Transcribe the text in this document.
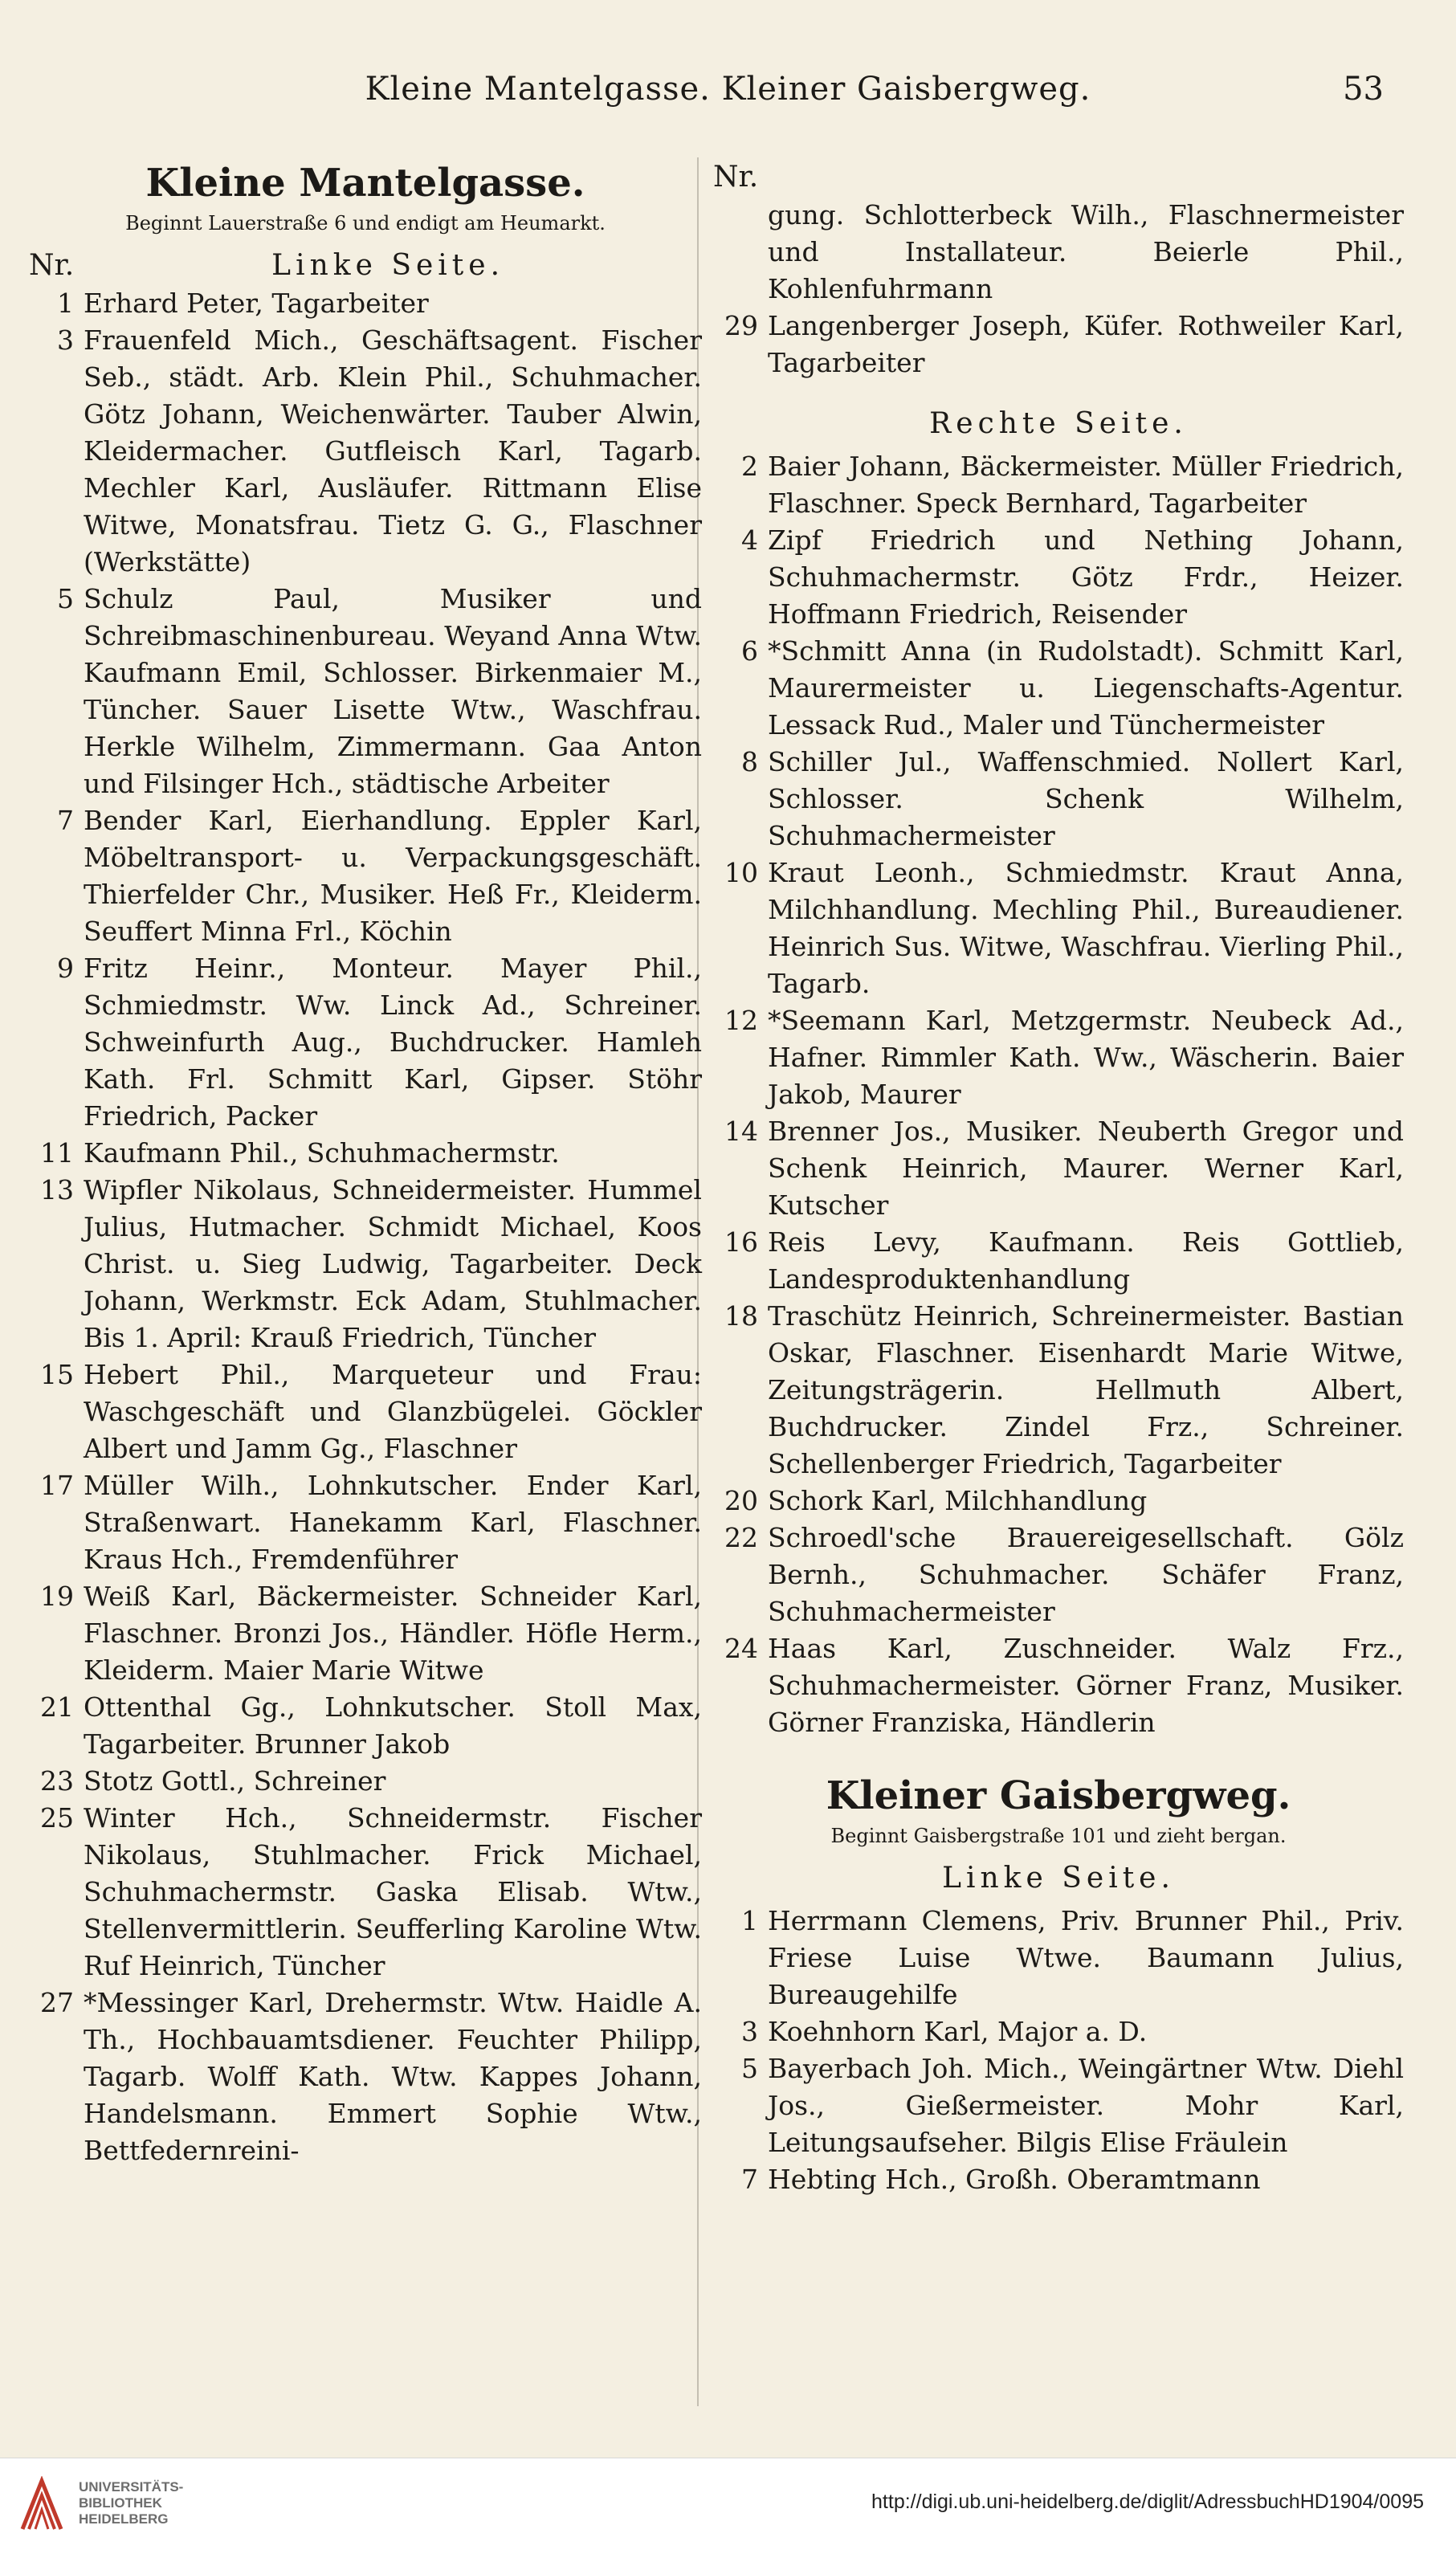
Kleine Mantelgasse. Kleiner Gaisbergweg.	53
Kleine Mantelgasse.
Beginnt Lauerstraße 6 und endigt am Heumarkt.
Nr.	Linke Seite.
1 Erhard Peter, Tagarbeiter
3 Frauenfeld Mich., Geschäftsagent. Fischer Seb., städt. Arb. Klein Phil., Schuhmacher. Götz Johann, Weichenwärter. Tauber Alwin, Kleidermacher. Gutfleisch Karl, Tagarb. Mechler Karl, Ausläufer. Rittmann Elise Witwe, Monatsfrau. Tietz G. G., Flaschner (Werkstätte)
5 Schulz Paul, Musiker und Schreibmaschinenbureau. Weyand Anna Wtw. Kaufmann Emil, Schlosser. Birkenmaier M., Tüncher. Sauer Lisette Wtw., Waschfrau. Herkle Wilhelm, Zimmermann. Gaa Anton und Filsinger Hch., städtische Arbeiter
7 Bender Karl, Eierhandlung. Eppler Karl, Möbeltransport- u. Verpackungsgeschäft. Thierfelder Chr., Musiker. Heß Fr., Kleiderm. Seuffert Minna Frl., Köchin
9 Fritz Heinr., Monteur. Mayer Phil., Schmiedmstr. Ww. Linck Ad., Schreiner. Schweinfurth Aug., Buchdrucker. Hamleh Kath. Frl. Schmitt Karl, Gipser. Stöhr Friedrich, Packer
11 Kaufmann Phil., Schuhmachermstr.
13 Wipfler Nikolaus, Schneidermeister. Hummel Julius, Hutmacher. Schmidt Michael, Koos Christ. u. Sieg Ludwig, Tagarbeiter. Deck Johann, Werkmstr. Eck Adam, Stuhlmacher. Bis 1. April: Krauß Friedrich, Tüncher
15 Hebert Phil., Marqueteur und Frau: Waschgeschäft und Glanzbügelei. Göckler Albert und Jamm Gg., Flaschner
17 Müller Wilh., Lohnkutscher. Ender Karl, Straßenwart. Hanekamm Karl, Flaschner. Kraus Hch., Fremdenführer
19 Weiß Karl, Bäckermeister. Schneider Karl, Flaschner. Bronzi Jos., Händler. Höfle Herm., Kleiderm. Maier Marie Witwe
21 Ottenthal Gg., Lohnkutscher. Stoll Max, Tagarbeiter. Brunner Jakob
23 Stotz Gottl., Schreiner
25 Winter Hch., Schneidermstr. Fischer Nikolaus, Stuhlmacher. Frick Michael, Schuhmachermstr. Gaska Elisab. Wtw., Stellenvermittlerin. Seufferling Karoline Wtw. Ruf Heinrich, Tüncher
27 *Messinger Karl, Drehermstr. Wtw. Haidle A. Th., Hochbauamtsdiener. Feuchter Philipp, Tagarb. Wolff Kath. Wtw. Kappes Johann, Handelsmann. Emmert Sophie Wtw., Bettfedernreini-
Nr.
gung. Schlotterbeck Wilh., Flaschnermeister und Installateur. Beierle Phil., Kohlenfuhrmann
29 Langenberger Joseph, Küfer. Rothweiler Karl, Tagarbeiter
Rechte Seite.
2 Baier Johann, Bäckermeister. Müller Friedrich, Flaschner. Speck Bernhard, Tagarbeiter
4 Zipf Friedrich und Nething Johann, Schuhmachermstr. Götz Frdr., Heizer. Hoffmann Friedrich, Reisender
6 *Schmitt Anna (in Rudolstadt). Schmitt Karl, Maurermeister u. Liegenschafts-Agentur. Lessack Rud., Maler und Tünchermeister
8 Schiller Jul., Waffenschmied. Nollert Karl, Schlosser. Schenk Wilhelm, Schuhmachermeister
10 Kraut Leonh., Schmiedmstr. Kraut Anna, Milchhandlung. Mechling Phil., Bureaudiener. Heinrich Sus. Witwe, Waschfrau. Vierling Phil., Tagarb.
12 *Seemann Karl, Metzgermstr. Neubeck Ad., Hafner. Rimmler Kath. Ww., Wäscherin. Baier Jakob, Maurer
14 Brenner Jos., Musiker. Neuberth Gregor und Schenk Heinrich, Maurer. Werner Karl, Kutscher
16 Reis Levy, Kaufmann. Reis Gottlieb, Landesproduktenhandlung
18 Traschütz Heinrich, Schreinermeister. Bastian Oskar, Flaschner. Eisenhardt Marie Witwe, Zeitungsträgerin. Hellmuth Albert, Buchdrucker. Zindel Frz., Schreiner. Schellenberger Friedrich, Tagarbeiter
20 Schork Karl, Milchhandlung
22 Schroedl'sche Brauereigesellschaft. Gölz Bernh., Schuhmacher. Schäfer Franz, Schuhmachermeister
24 Haas Karl, Zuschneider. Walz Frz., Schuhmachermeister. Görner Franz, Musiker. Görner Franziska, Händlerin
Kleiner Gaisbergweg.
Beginnt Gaisbergstraße 101 und zieht bergan.
Linke Seite.
1 Herrmann Clemens, Priv. Brunner Phil., Priv. Friese Luise Wtwe. Baumann Julius, Bureaugehilfe
3 Koehnhorn Karl, Major a. D.
5 Bayerbach Joh. Mich., Weingärtner Wtw. Diehl Jos., Gießermeister. Mohr Karl, Leitungsaufseher. Bilgis Elise Fräulein
7 Hebting Hch., Großh. Oberamtmann
UNIVERSITÄTS-
BIBLIOTHEK
HEIDELBERG
http://digi.ub.uni-heidelberg.de/diglit/AdressbuchHD1904/0095
